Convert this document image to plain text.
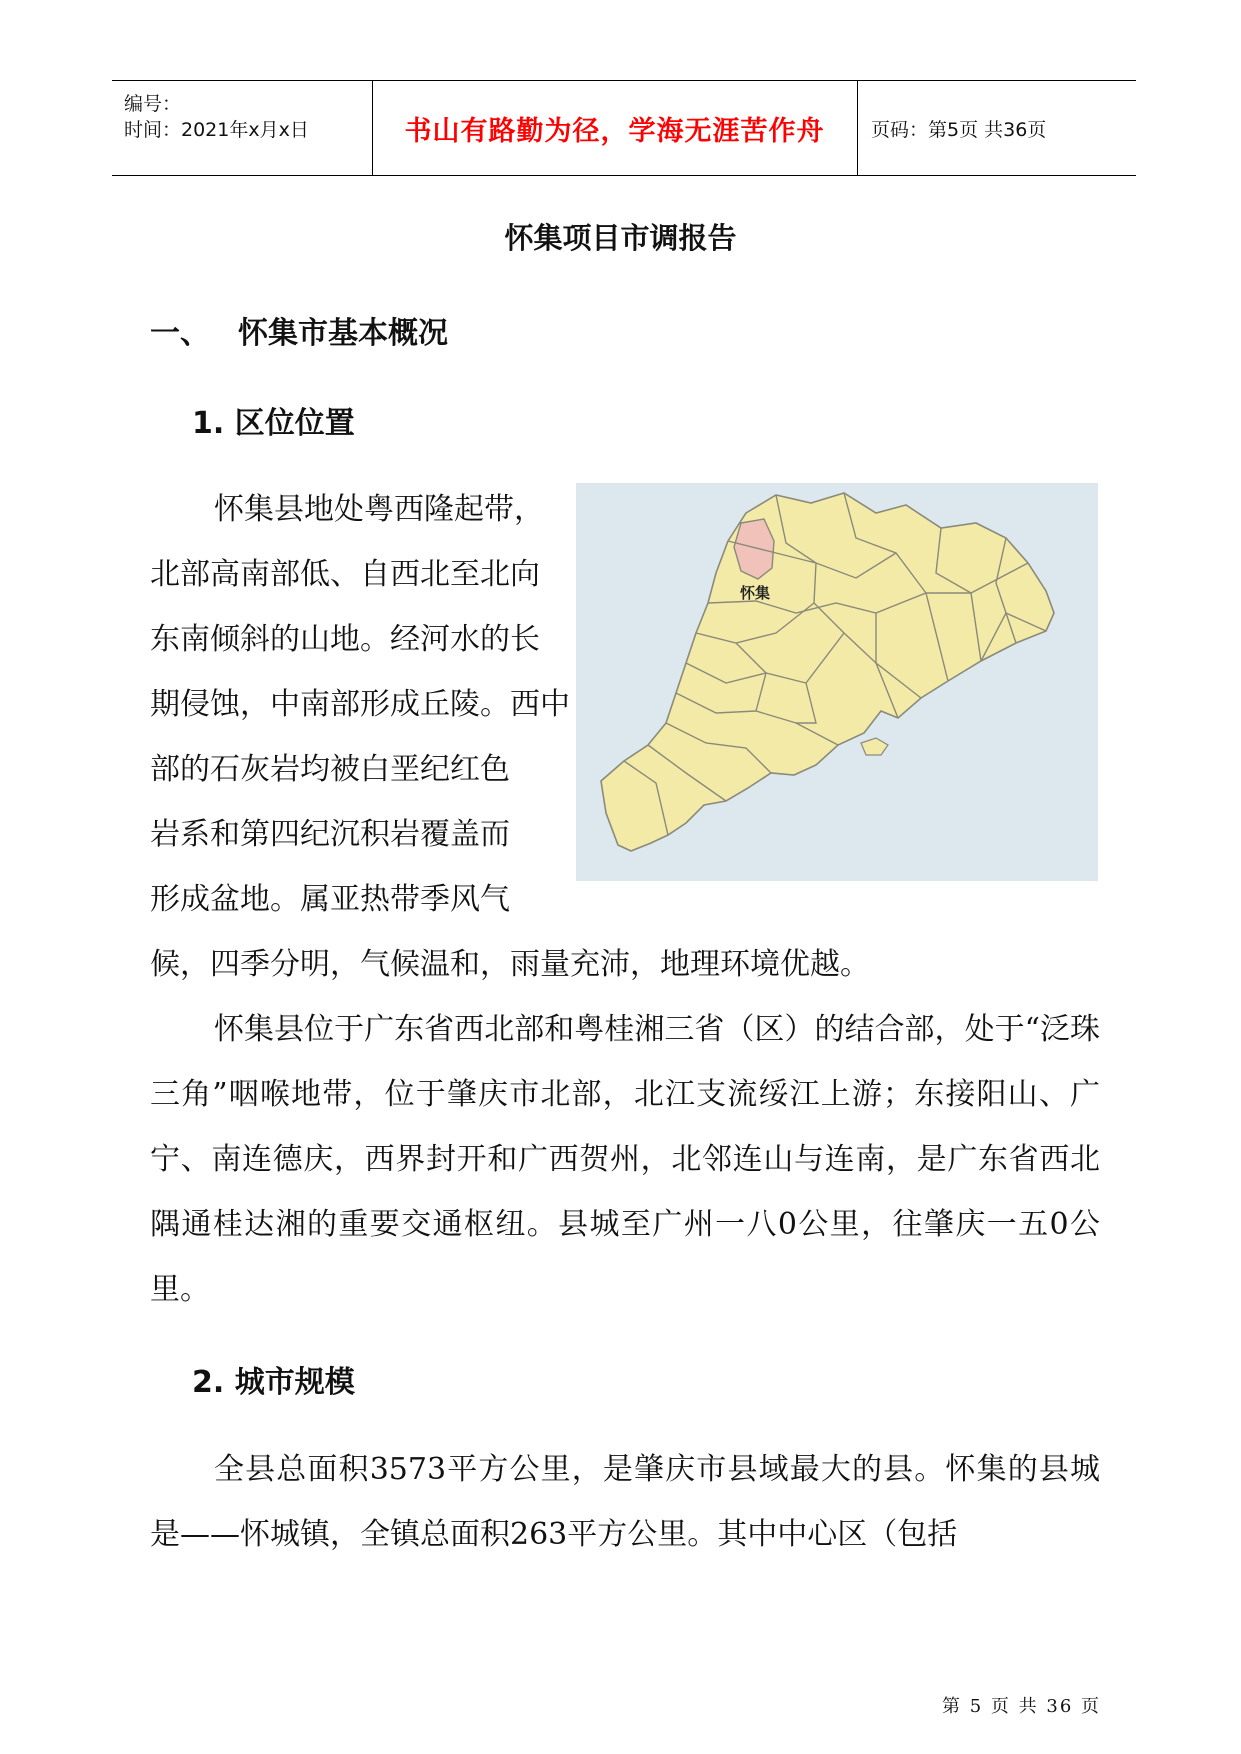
编号：
时间：2021年x月x日	书山有路勤为径，学海无涯苦作舟	页码：第5页 共36页
怀集项目市调报告
一、 怀集市基本概况
1. 区位位置
怀集县地处粤西隆起带，
北部高南部低、自西北至北向
东南倾斜的山地。经河水的长
期侵蚀，中南部形成丘陵。西中
部的石灰岩均被白垩纪红色
岩系和第四纪沉积岩覆盖而
形成盆地。属亚热带季风气
怀集
候，四季分明，气候温和，雨量充沛，地理环境优越。
怀集县位于广东省西北部和粤桂湘三省（区）的结合部，处于“泛珠三角”咽喉地带，位于肇庆市北部，北江支流绥江上游；东接阳山、广宁、南连德庆，西界封开和广西贺州，北邻连山与连南，是广东省西北隅通桂达湘的重要交通枢纽。县城至广州一八0公里，往肇庆一五0公里。
2. 城市规模
全县总面积3573平方公里，是肇庆市县域最大的县。怀集的县城是——怀城镇，全镇总面积263平方公里。其中中心区（包括
第 5 页 共 36 页
